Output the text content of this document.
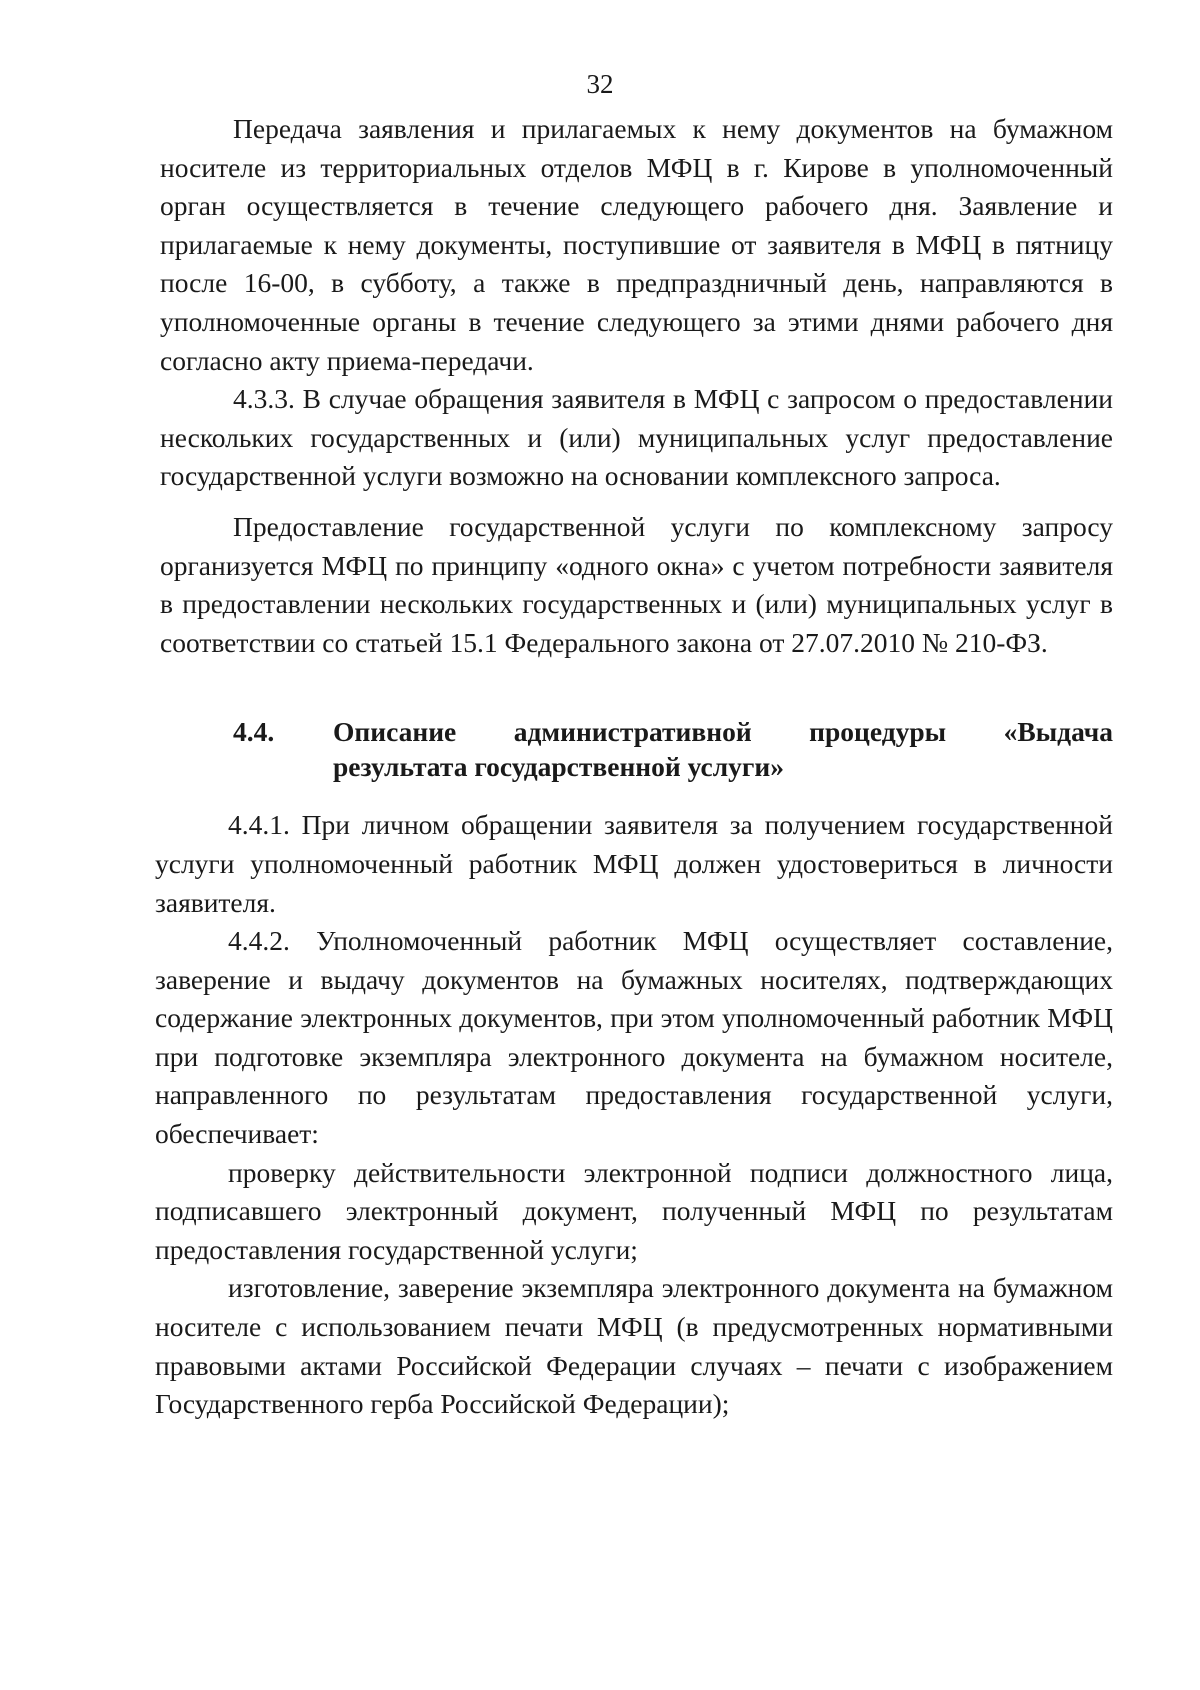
32

Передача заявления и прилагаемых к нему документов на бумажном носителе из территориальных отделов МФЦ в г. Кирове в уполномоченный орган осуществляется в течение следующего рабочего дня. Заявление и прилагаемые к нему документы, поступившие от заявителя в МФЦ в пятницу после 16-00, в субботу, а также в предпраздничный день, направляются в уполномоченные органы в течение следующего за этими днями рабочего дня согласно акту приема-передачи.

4.3.3. В случае обращения заявителя в МФЦ с запросом о предоставлении нескольких государственных и (или) муниципальных услуг предоставление государственной услуги возможно на основании комплексного запроса.

Предоставление государственной услуги по комплексному запросу организуется МФЦ по принципу «одного окна» с учетом потребности заявителя в предоставлении нескольких государственных и (или) муниципальных услуг в соответствии со статьей 15.1 Федерального закона от 27.07.2010 № 210-ФЗ.

4.4.	Описание административной процедуры «Выдача
результата государственной услуги»

4.4.1. При личном обращении заявителя за получением государственной услуги уполномоченный работник МФЦ должен удостовериться в личности заявителя.

4.4.2. Уполномоченный работник МФЦ осуществляет составление, заверение и выдачу документов на бумажных носителях, подтверждающих содержание электронных документов, при этом уполномоченный работник МФЦ при подготовке экземпляра электронного документа на бумажном носителе, направленного по результатам предоставления государственной услуги, обеспечивает:

проверку действительности электронной подписи должностного лица, подписавшего электронный документ, полученный МФЦ по результатам предоставления государственной услуги;

изготовление, заверение экземпляра электронного документа на бумажном носителе с использованием печати МФЦ (в предусмотренных нормативными правовыми актами Российской Федерации случаях – печати с изображением Государственного герба Российской Федерации);
